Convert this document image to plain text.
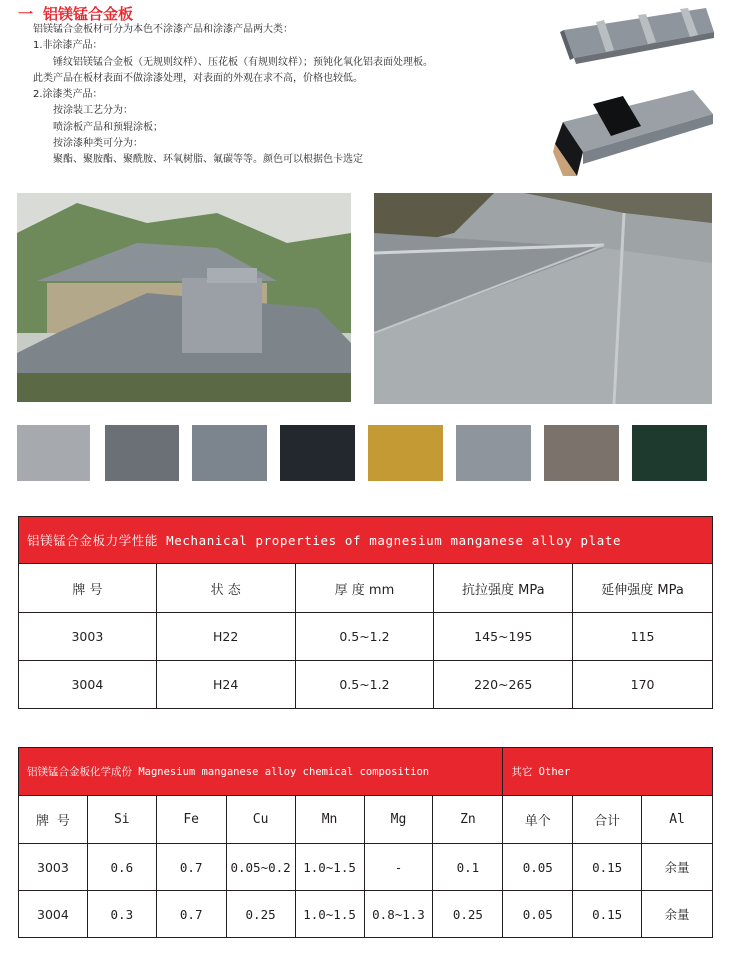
一 铝镁锰合金板
铝镁锰合金板材可分为本色不涂漆产品和涂漆产品两大类：
1.非涂漆产品：
锤纹铝镁锰合金板（无规则纹样）、压花板（有规则纹样）；预钝化氧化铝表面处理板。
此类产品在板材表面不做涂漆处理，对表面的外观在求不高，价格也较低。
2.涂漆类产品：
按涂装工艺分为：
喷涂板产品和预辊涂板；
按涂漆种类可分为：
聚酯、聚胺酯、聚酰胺、环氧树脂、氟碳等等。颜色可以根据色卡选定
铝镁锰合金板力学性能 Mechanical properties of magnesium manganese alloy plate				
牌 号	状 态	厚 度 mm	抗拉强度 MPa	延伸强度 MPa
3003	H22	0.5~1.2	145~195	115
3004	H24	0.5~1.2	220~265	170
铝镁锰合金板化学成份 Magnesium manganese alloy chemical composition							其它 Other		
牌 号	Si	Fe	Cu	Mn	Mg	Zn	单个	合计	Al
3003	0.6	0.7	0.05~0.2	1.0~1.5	-	0.1	0.05	0.15	余量
3004	0.3	0.7	0.25	1.0~1.5	0.8~1.3	0.25	0.05	0.15	余量
